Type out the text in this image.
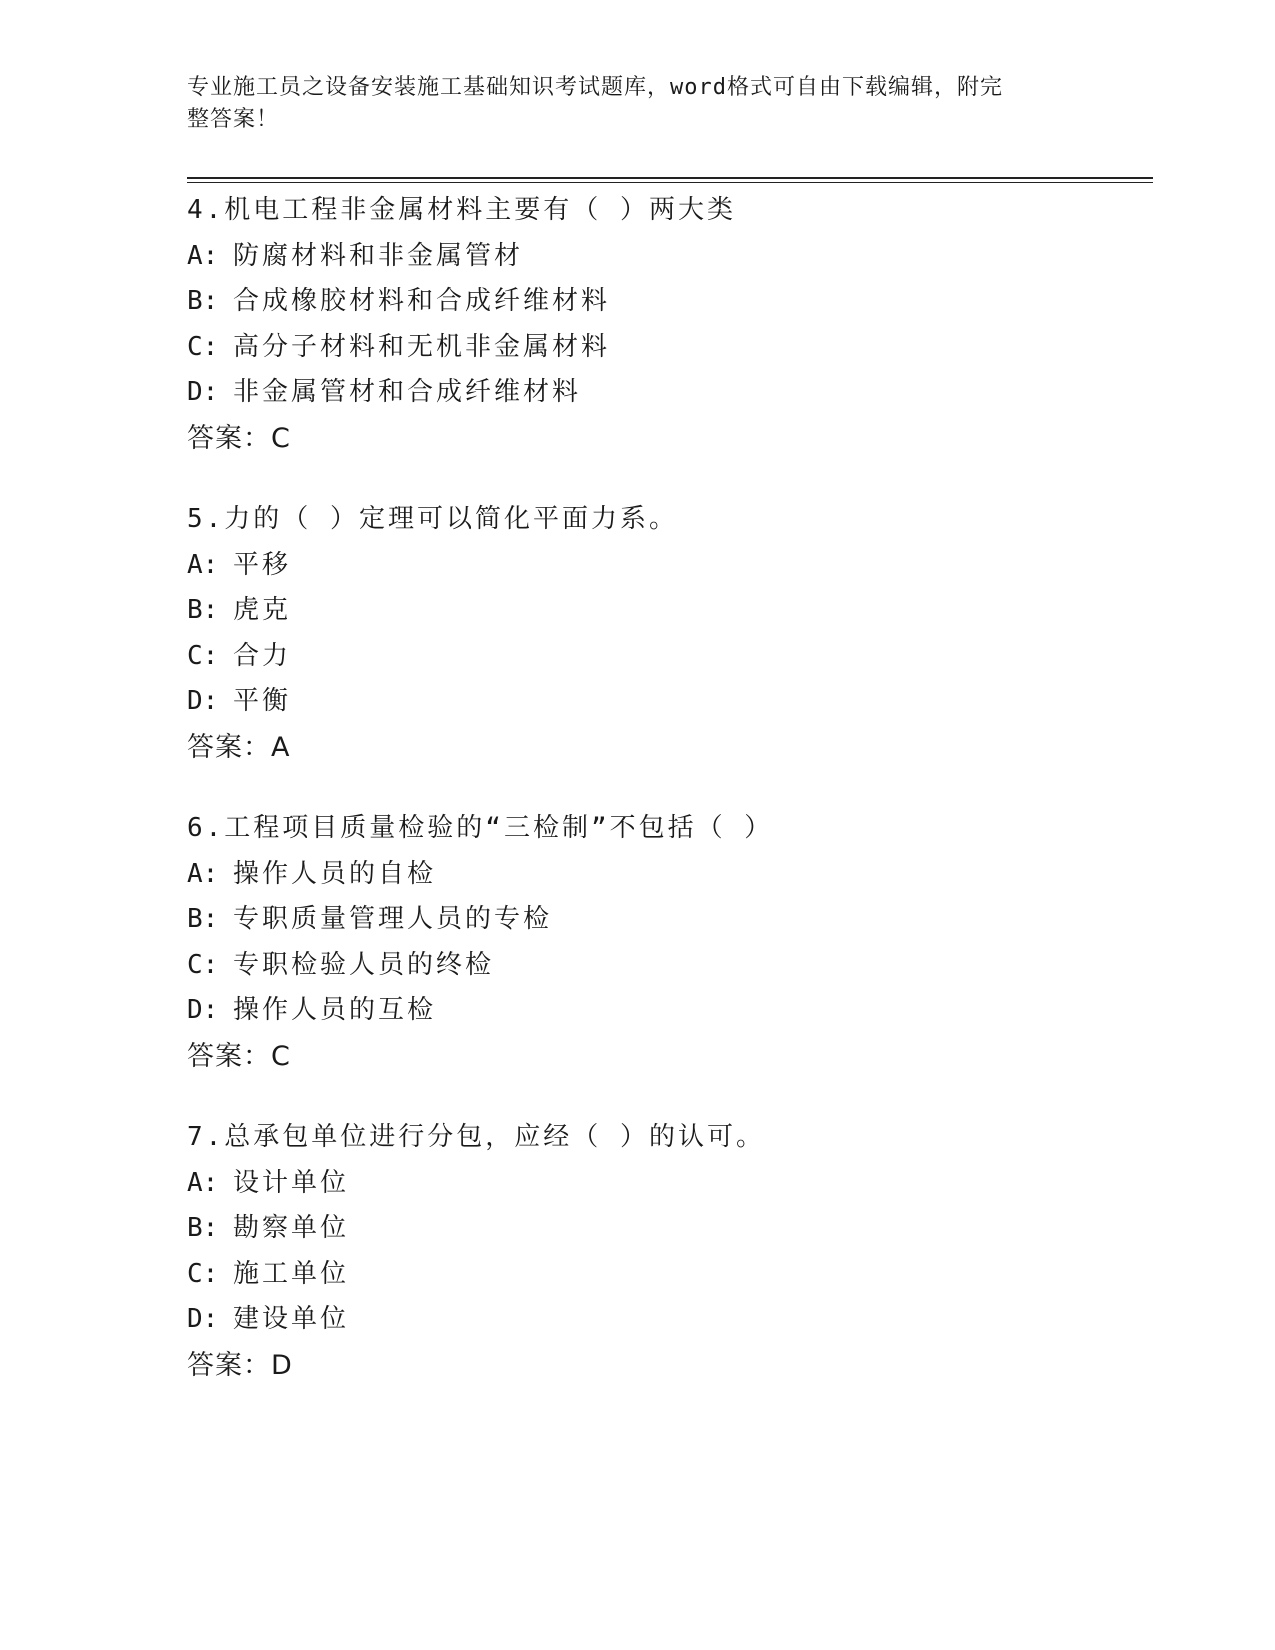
专业施工员之设备安装施工基础知识考试题库，word格式可自由下载编辑，附完
整答案！
4.机电工程非金属材料主要有（ ）两大类
A: 防腐材料和非金属管材
B: 合成橡胶材料和合成纤维材料
C: 高分子材料和无机非金属材料
D: 非金属管材和合成纤维材料
答案：C
5.力的（ ）定理可以简化平面力系。
A: 平移
B: 虎克
C: 合力
D: 平衡
答案：A
6.工程项目质量检验的“三检制”不包括（ ）
A: 操作人员的自检
B: 专职质量管理人员的专检
C: 专职检验人员的终检
D: 操作人员的互检
答案：C
7.总承包单位进行分包，应经（ ）的认可。
A: 设计单位
B: 勘察单位
C: 施工单位
D: 建设单位
答案：D
